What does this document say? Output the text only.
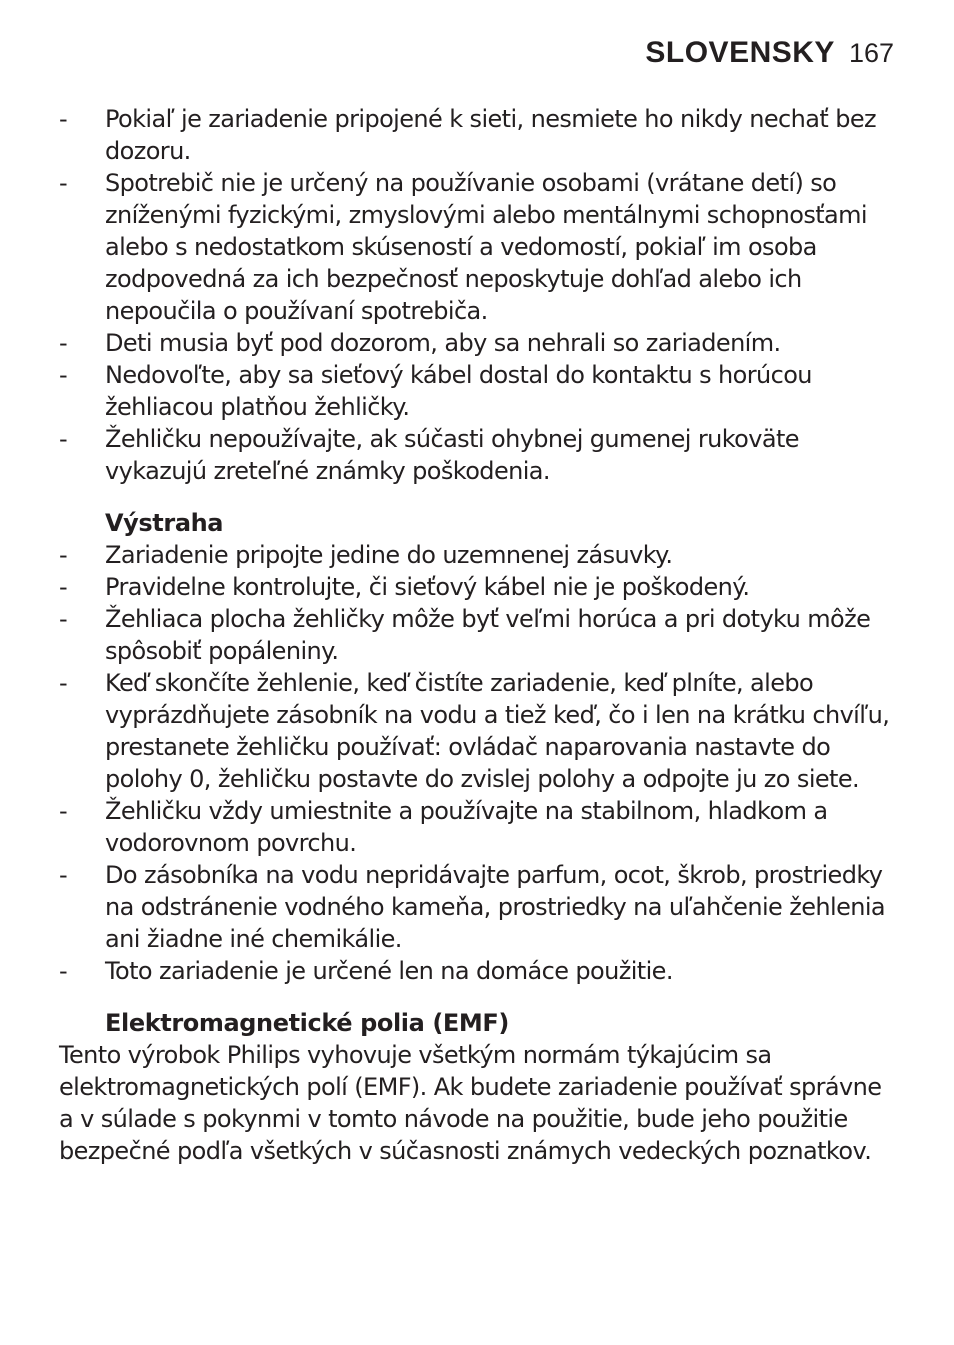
SLOVENSKY 167
- Pokiaľ je zariadenie pripojené k sieti, nesmiete ho nikdy nechať bez dozoru.
- Spotrebič nie je určený na používanie osobami (vrátane detí) so zníženými fyzickými, zmyslovými alebo mentálnymi schopnosťami alebo s nedostatkom skúseností a vedomostí, pokiaľ im osoba zodpovedná za ich bezpečnosť neposkytuje dohľad alebo ich nepoučila o používaní spotrebiča.
- Deti musia byť pod dozorom, aby sa nehrali so zariadením.
- Nedovoľte, aby sa sieťový kábel dostal do kontaktu s horúcou žehliacou platňou žehličky.
- Žehličku nepoužívajte, ak súčasti ohybnej gumenej rukoväte vykazujú zreteľné známky poškodenia.
Výstraha
- Zariadenie pripojte jedine do uzemnenej zásuvky.
- Pravidelne kontrolujte, či sieťový kábel nie je poškodený.
- Žehliaca plocha žehličky môže byť veľmi horúca a pri dotyku môže spôsobiť popáleniny.
- Keď skončíte žehlenie, keď čistíte zariadenie, keď plníte, alebo vyprázdňujete zásobník na vodu a tiež keď, čo i len na krátku chvíľu, prestanete žehličku používať: ovládač naparovania nastavte do polohy 0, žehličku postavte do zvislej polohy a odpojte ju zo siete.
- Žehličku vždy umiestnite a používajte na stabilnom, hladkom a vodorovnom povrchu.
- Do zásobníka na vodu nepridávajte parfum, ocot, škrob, prostriedky na odstránenie vodného kameňa, prostriedky na uľahčenie žehlenia ani žiadne iné chemikálie.
- Toto zariadenie je určené len na domáce použitie.
Elektromagnetické polia (EMF)

Tento výrobok Philips vyhovuje všetkým normám týkajúcim sa elektromagnetických polí (EMF). Ak budete zariadenie používať správne a v súlade s pokynmi v tomto návode na použitie, bude jeho použitie bezpečné podľa všetkých v súčasnosti známych vedeckých poznatkov.
